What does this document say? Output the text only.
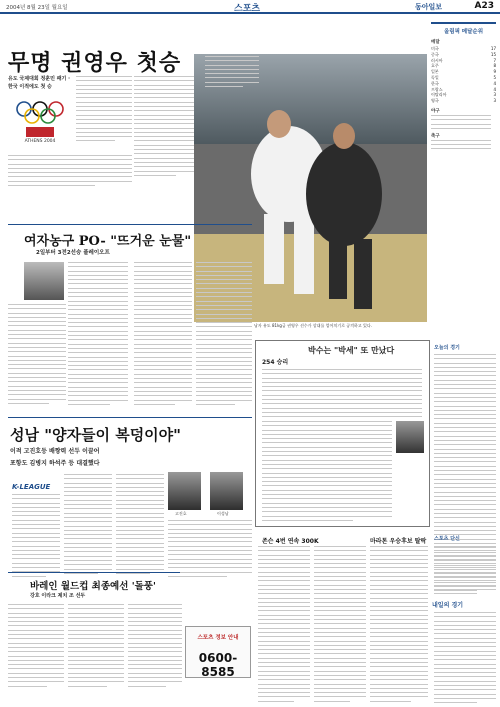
2004년 8월 23일 월요일	스포츠	동아일보	A23
무명 권영우 첫승
유도 국제대회 정훈민 패기 · 한국 이적에도 첫 승
ATHENS 2004
남자 유도 81kg급 권영우 선수가 상대를 업어치기로 공격하고 있다.
올림픽 메달순위
메달
미국	17
중국	15
러시아	7
호주	8
일본	9
독일	5
한국	4
프랑스	4
이탈리아	3
영국	3
야구
축구
여자농구 PO- "뜨거운 눈물"
2일부터 3전2선승 플레이오프
박수는 "박세" 또 만났다
254 승리
오늘의 경기
스포츠 단신
내일의 경기
성남 "양자들이 복덩이야"
이적 고진호등 배짱력 선두 이끌어
포항도 김병지 하석주 등 대결했다
K-LEAGUE
고진호	이성남
바레인 월드컵 최종예선 '돌풍'
강호 이라크 제치 조 선두
스포츠 정보 안내
0600-8585
존슨 4번 연속 300K	마라톤 우승후보 탈락
